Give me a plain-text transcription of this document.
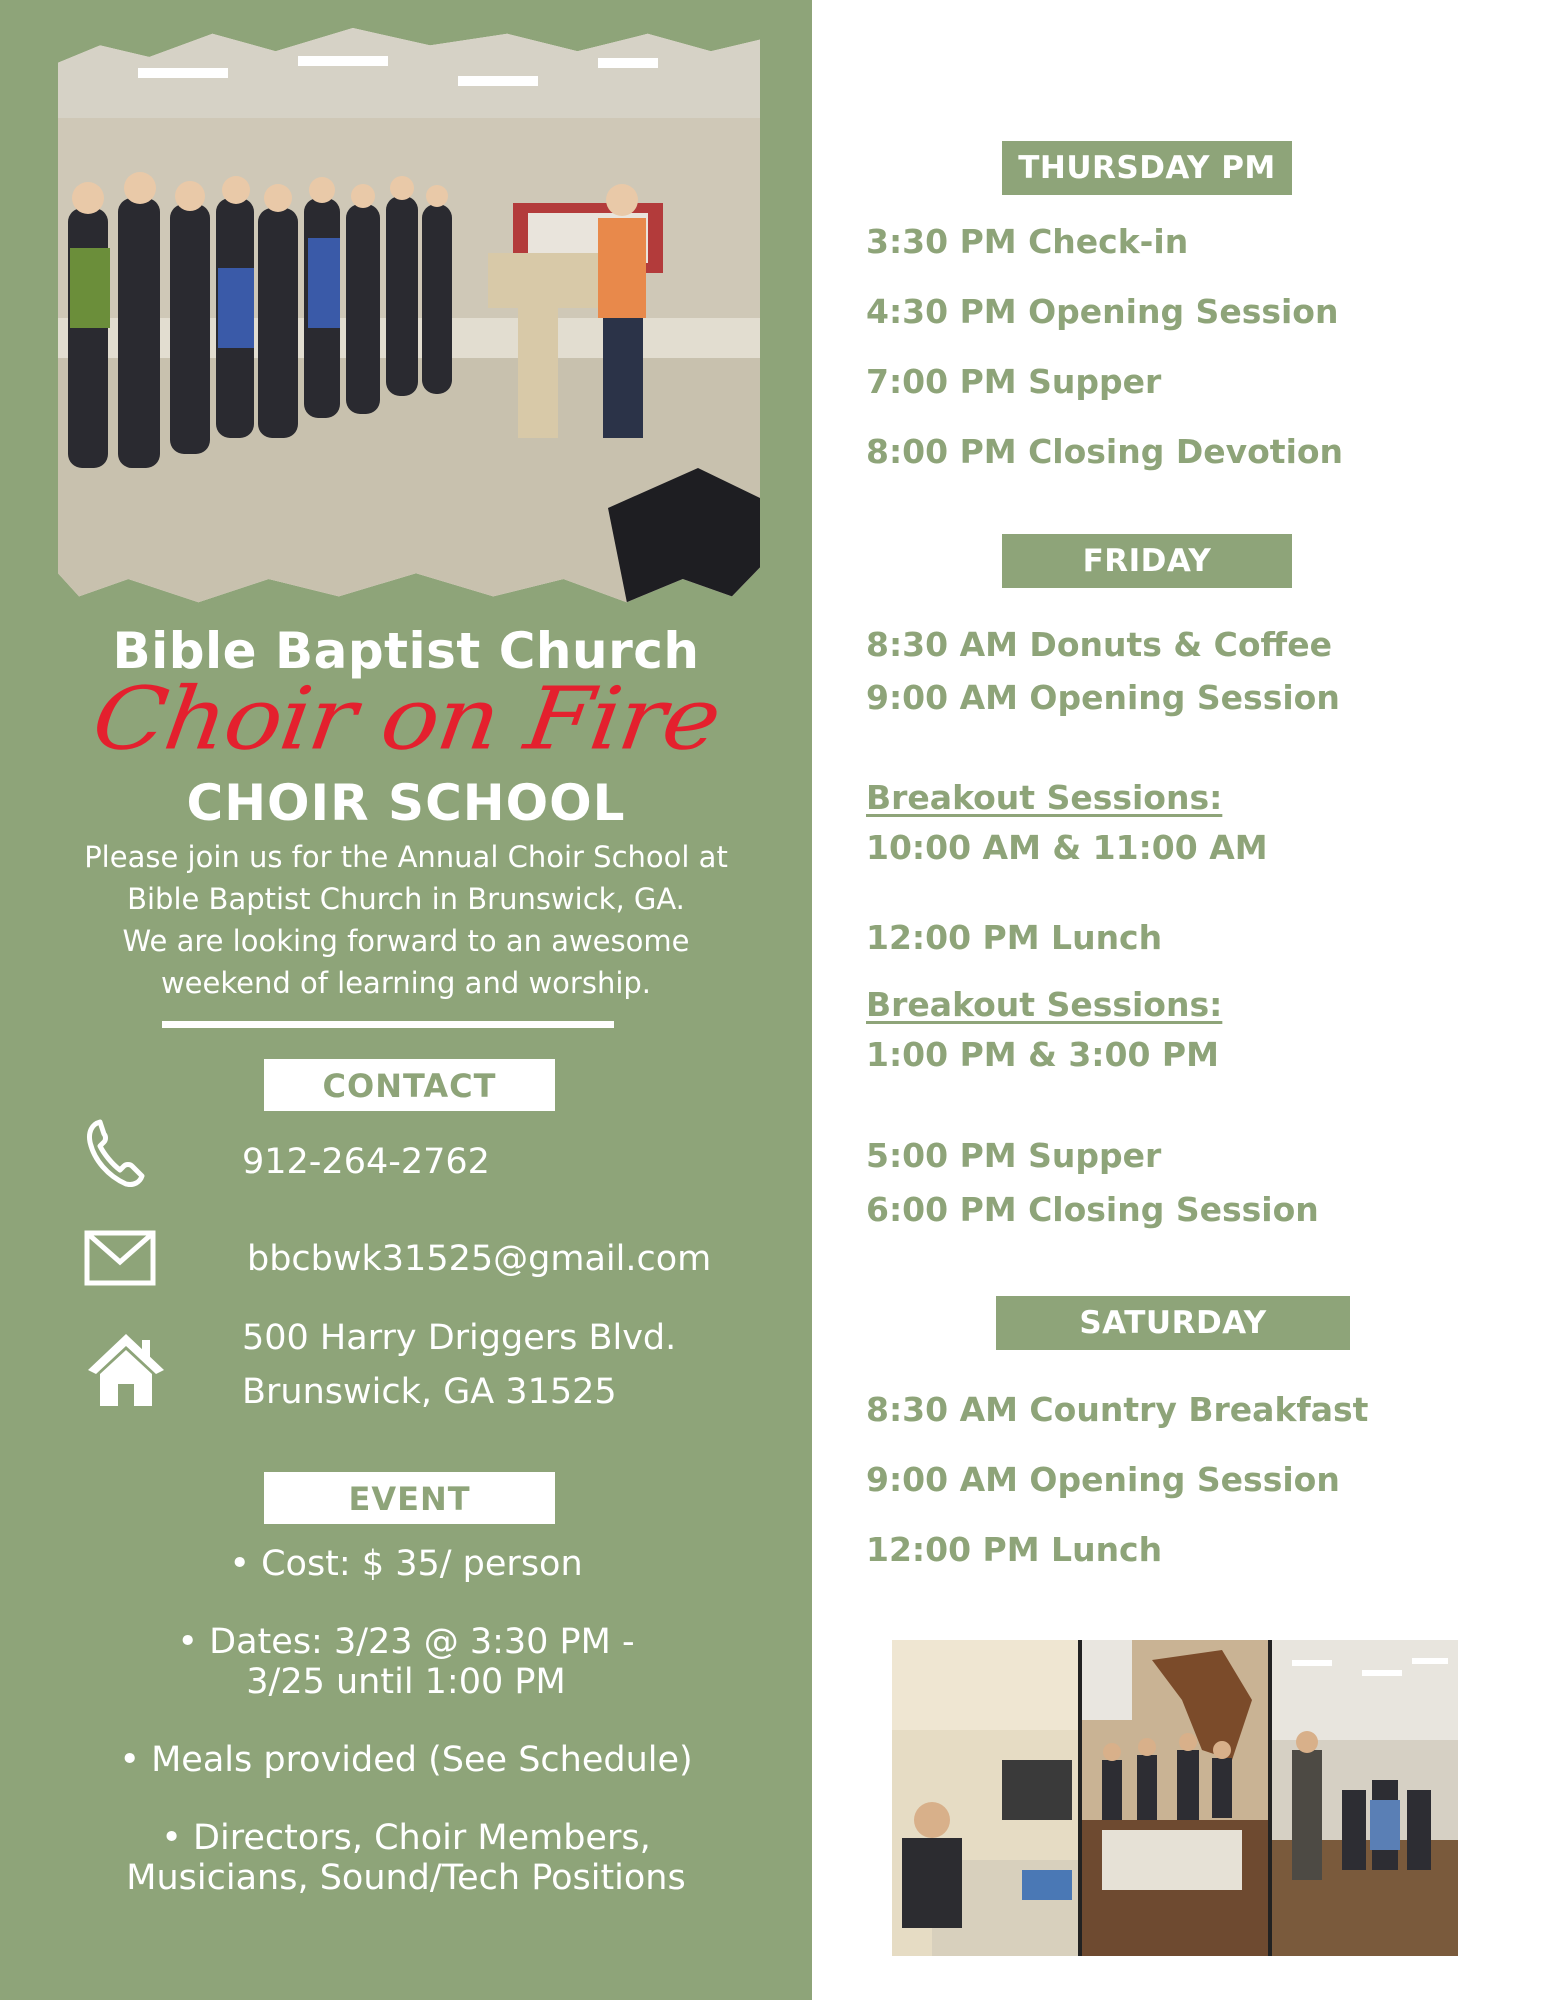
Bible Baptist Church
Choir on Fire
CHOIR SCHOOL
Please join us for the Annual Choir School at
Bible Baptist Church in Brunswick, GA.
We are looking forward to an awesome
weekend of learning and worship.
CONTACT
912-264-2762
bbcbwk31525@gmail.com
500 Harry Driggers Blvd.
Brunswick, GA 31525
EVENT
• Cost: $ 35/ person
• Dates: 3/23 @ 3:30 PM -
3/25 until 1:00 PM
• Meals provided (See Schedule)
• Directors, Choir Members,
Musicians, Sound/Tech Positions
THURSDAY PM
3:30 PM Check-in
4:30 PM Opening Session
7:00 PM Supper
8:00 PM Closing Devotion
FRIDAY
8:30 AM Donuts & Coffee
9:00 AM Opening Session
Breakout Sessions:
10:00 AM & 11:00 AM
12:00 PM Lunch
Breakout Sessions:
1:00 PM & 3:00 PM
5:00 PM Supper
6:00 PM Closing Session
SATURDAY
8:30 AM Country Breakfast
9:00 AM Opening Session
12:00 PM Lunch
